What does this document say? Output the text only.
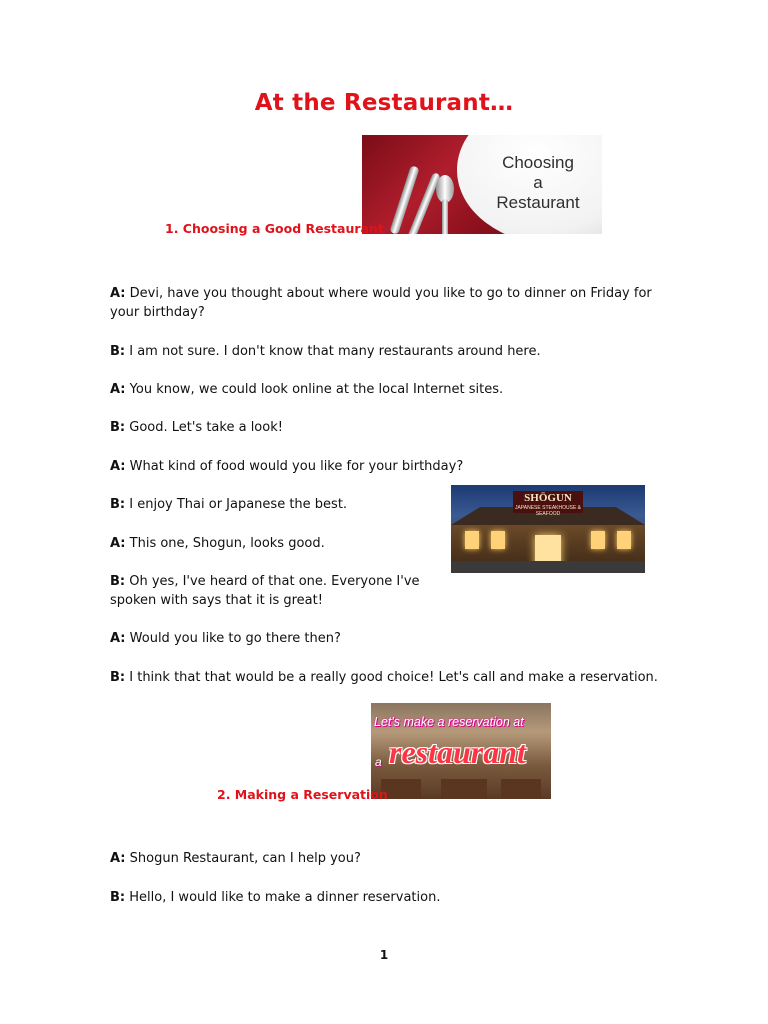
At the Restaurant…
Choosing
a
Restaurant
1. Choosing a Good Restaurant
A: Devi, have you thought about where would you like to go to dinner on Friday for
your birthday?
B: I am not sure. I don't know that many restaurants around here.
A: You know, we could look online at the local Internet sites.
B: Good. Let's take a look!
A: What kind of food would you like for your birthday?
B: I enjoy Thai or Japanese the best.
A: This one, Shogun, looks good.
B: Oh yes, I've heard of that one. Everyone I've
spoken with says that it is great!
A: Would you like to go there then?
B: I think that that would be a really good choice! Let's call and make a reservation.
SHŌGUN
JAPANESE STEAKHOUSE & SEAFOOD
Let's make a reservation at
a restaurant
2. Making a Reservation
A: Shogun Restaurant, can I help you?
B: Hello, I would like to make a dinner reservation.
1
